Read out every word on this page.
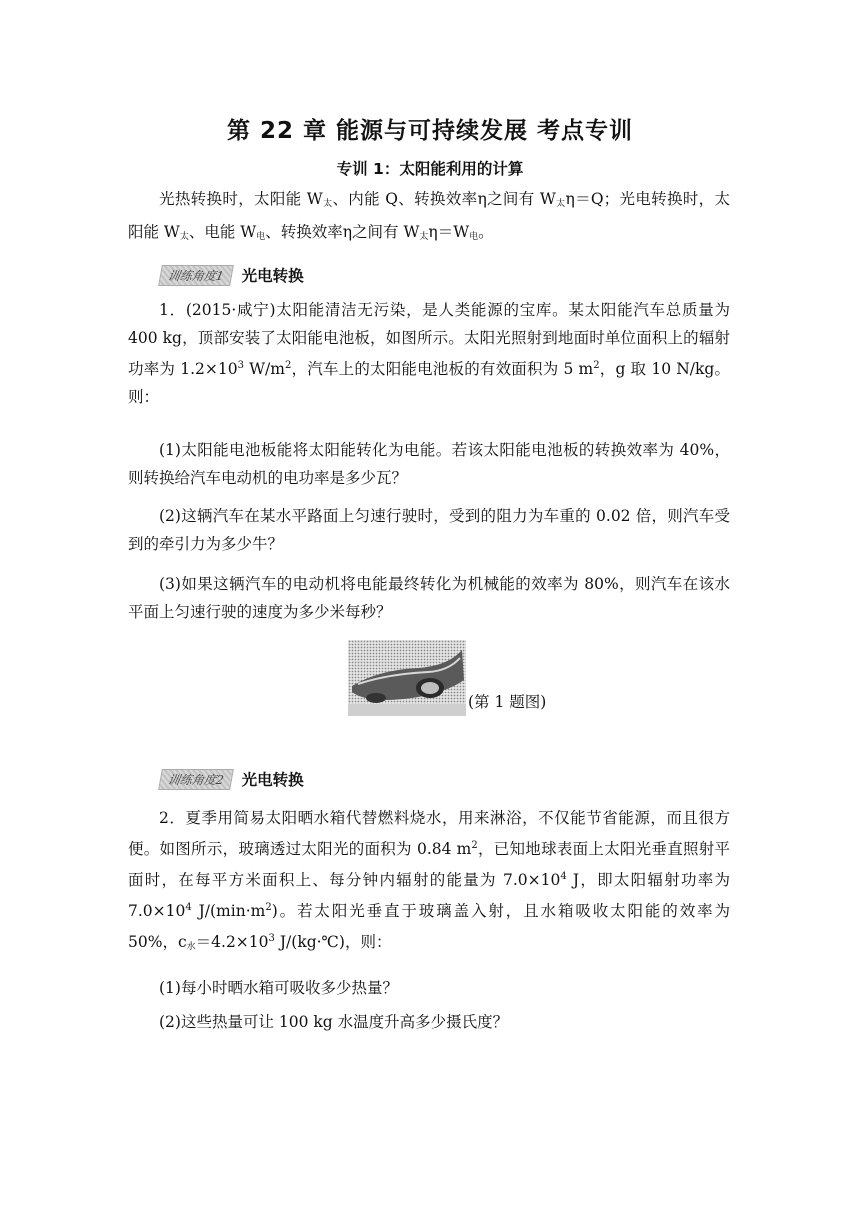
第 22 章 能源与可持续发展 考点专训
专训 1：太阳能利用的计算

光热转换时，太阳能 $W_太$、内能 Q、转换效率η之间有 $W_太\eta=Q$；光电转换时，太阳能 $W_太$、电能 $W_电$、转换效率η之间有 $W_太\eta=W_电$。

训练角度1	光电转换

1．(2015·咸宁)太阳能清洁无污染，是人类能源的宝库。某太阳能汽车总质量为 400 kg，顶部安装了太阳能电池板，如图所示。太阳光照射到地面时单位面积上的辐射功率为 $1.2\times 10^3$ $W/m^2$，汽车上的太阳能电池板的有效面积为 5 $m^2$，g 取 10 N/kg。则：

(1)太阳能电池板能将太阳能转化为电能。若该太阳能电池板的转换效率为 40%，则转换给汽车电动机的电功率是多少瓦？

(2)这辆汽车在某水平路面上匀速行驶时，受到的阻力为车重的 0.02 倍，则汽车受到的牵引力为多少牛？

(3)如果这辆汽车的电动机将电能最终转化为机械能的效率为 80%，则汽车在该水平面上匀速行驶的速度为多少米每秒？

(第 1 题图)
训练角度2	光电转换

2．夏季用简易太阳晒水箱代替燃料烧水，用来淋浴，不仅能节省能源，而且很方便。如图所示，玻璃透过太阳光的面积为 0.84 $m^2$，已知地球表面上太阳光垂直照射平面时，在每平方米面积上、每分钟内辐射的能量为 $7.0\times 10^4$ J，即太阳辐射功率为 $7.0\times 10^4$ $J/(\min\cdot m^2)$。若太阳光垂直于玻璃盖入射，且水箱吸收太阳能的效率为 50%，$c_水=4.2\times 10^3$ J/(kg·℃)，则：

(1)每小时晒水箱可吸收多少热量？

(2)这些热量可让 100 kg 水温度升高多少摄氏度？
